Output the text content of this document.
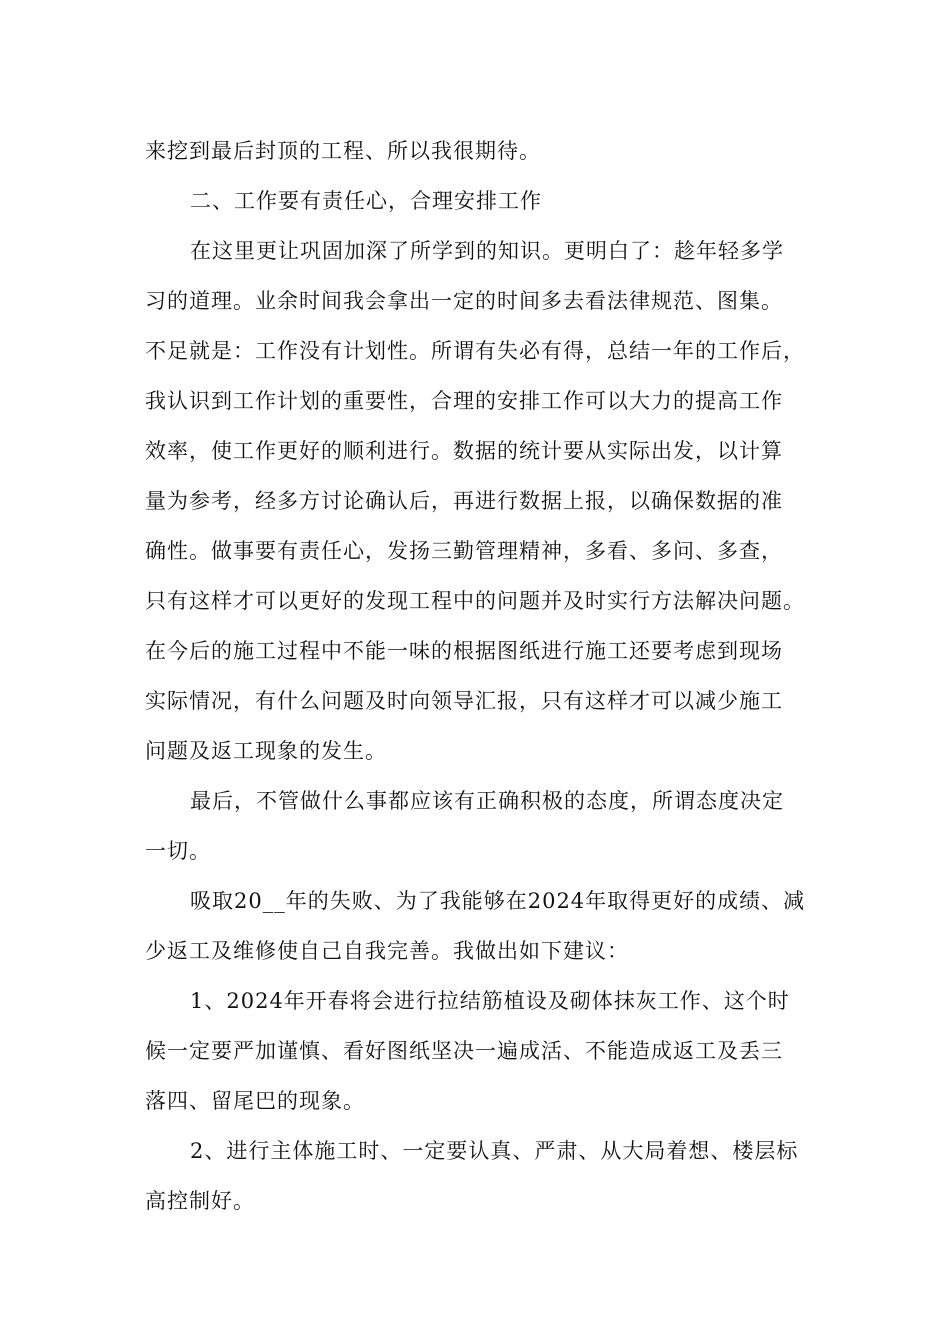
来挖到最后封顶的工程、所以我很期待。
二、工作要有责任心，合理安排工作
在这里更让巩固加深了所学到的知识。更明白了：趁年轻多学
习的道理。业余时间我会拿出一定的时间多去看法律规范、图集。
不足就是：工作没有计划性。所谓有失必有得，总结一年的工作后，
我认识到工作计划的重要性，合理的安排工作可以大力的提高工作
效率，使工作更好的顺利进行。数据的统计要从实际出发，以计算
量为参考，经多方讨论确认后，再进行数据上报，以确保数据的准
确性。做事要有责任心，发扬三勤管理精神，多看、多问、多查，
只有这样才可以更好的发现工程中的问题并及时实行方法解决问题。
在今后的施工过程中不能一味的根据图纸进行施工还要考虑到现场
实际情况，有什么问题及时向领导汇报，只有这样才可以减少施工
问题及返工现象的发生。
最后，不管做什么事都应该有正确积极的态度，所谓态度决定
一切。
吸取20__年的失败、为了我能够在2024年取得更好的成绩、减
少返工及维修使自己自我完善。我做出如下建议：
1、2024年开春将会进行拉结筋植设及砌体抹灰工作、这个时
候一定要严加谨慎、看好图纸坚决一遍成活、不能造成返工及丢三
落四、留尾巴的现象。
2、进行主体施工时、一定要认真、严肃、从大局着想、楼层标
高控制好。
